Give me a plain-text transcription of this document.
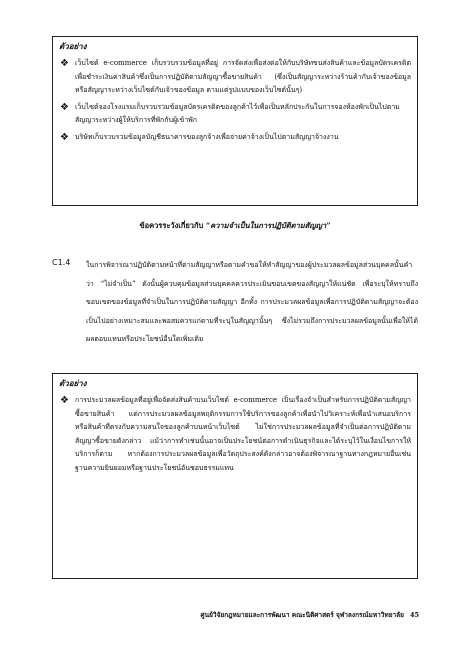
ตัวอย่าง
❖ เว็บไซต์ e-commerce เก็บรวบรวมข้อมูลที่อยู่ การจัดส่งเพื่อส่งต่อให้กับบริษัทขนส่งสินค้าและข้อมูลบัตรเครดิตเพื่อชำระเงินค่าสินค้าซึ่งเป็นการปฏิบัติตามสัญญาซื้อขายสินค้า (ซึ่งเป็นสัญญาระหว่างร้านค้ากับเจ้าของข้อมูล หรือสัญญาระหว่างเว็บไซต์กับเจ้าของข้อมูล ตามแต่รูปแบบของเว็บไซต์นั้นๆ)
❖ เว็บไซต์จองโรงแรมเก็บรวบรวมข้อมูลบัตรเครดิตของลูกค้าไว้เพื่อเป็นหลักประกันในการจองห้องพักเป็นไปตามสัญญาระหว่างผู้ให้บริการที่พักกับผู้เข้าพัก
❖ บริษัทเก็บรวบรวมข้อมูลบัญชีธนาคารของลูกจ้างเพื่อจ่ายค่าจ้างเป็นไปตามสัญญาจ้างงาน
ข้อควรระวังเกี่ยวกับ “ความจำเป็นในการปฏิบัติตามสัญญา”
C1.4 ในการพิจารณาปฏิบัติตามหน้าที่ตามสัญญาหรือตามคำขอให้ทำสัญญาของผู้ประมวลผลข้อมูลส่วนบุคคลนั้นคำว่า “ไม่จำเป็น” ดังนั้นผู้ควบคุมข้อมูลส่วนบุคคลควรประเมินขอบเขตของสัญญาให้แน่ชัด เพื่อระบุให้ทราบถึงขอบเขตของข้อมูลที่จำเป็นในการปฏิบัติตามสัญญา อีกทั้ง การประมวลผลข้อมูลเพื่อการปฏิบัติตามสัญญาจะต้องเป็นไปอย่างเหมาะสมและพอสมควรแก่ตามที่ระบุในสัญญานั้นๆ ซึ่งไม่รวมถึงการประมวลผลข้อมูลนั้นเพื่อให้ได้ผลตอบแทนหรือประโยชน์อื่นใดเพิ่มเติม
ตัวอย่าง
❖ การประมวลผลข้อมูลที่อยู่เพื่อจัดส่งสินค้าบนเว็บไซต์ e-commerce เป็นเรื่องจำเป็นสำหรับการปฏิบัติตามสัญญาซื้อขายสินค้า แต่การประมวลผลข้อมูลพฤติกรรมการใช้บริการของลูกค้าเพื่อนำไปวิเคราะห์เพื่อนำเสนอบริการหรือสินค้าที่ตรงกับความสนใจของลูกค้าบนหน้าเว็บไซต์ ไม่ใช่การประมวลผลข้อมูลที่จำเป็นต่อการปฏิบัติตามสัญญาซื้อขายดังกล่าว แม้ว่าการทำเช่นนั้นอาจเป็นประโยชน์ต่อการดำเนินธุรกิจและได้ระบุไว้ในเงื่อนไขการให้บริการก็ตาม หากต้องการประมวลผลข้อมูลเพื่อวัตถุประสงค์ดังกล่าวอาจต้องพิจารณาฐานทางกฎหมายอื่นเช่น ฐานความยินยอมหรือฐานประโยชน์อันชอบธรรมแทน
ศูนย์วิจัยกฎหมายและการพัฒนา คณะนิติศาสตร์ จุฬาลงกรณ์มหาวิทยาลัย 45
